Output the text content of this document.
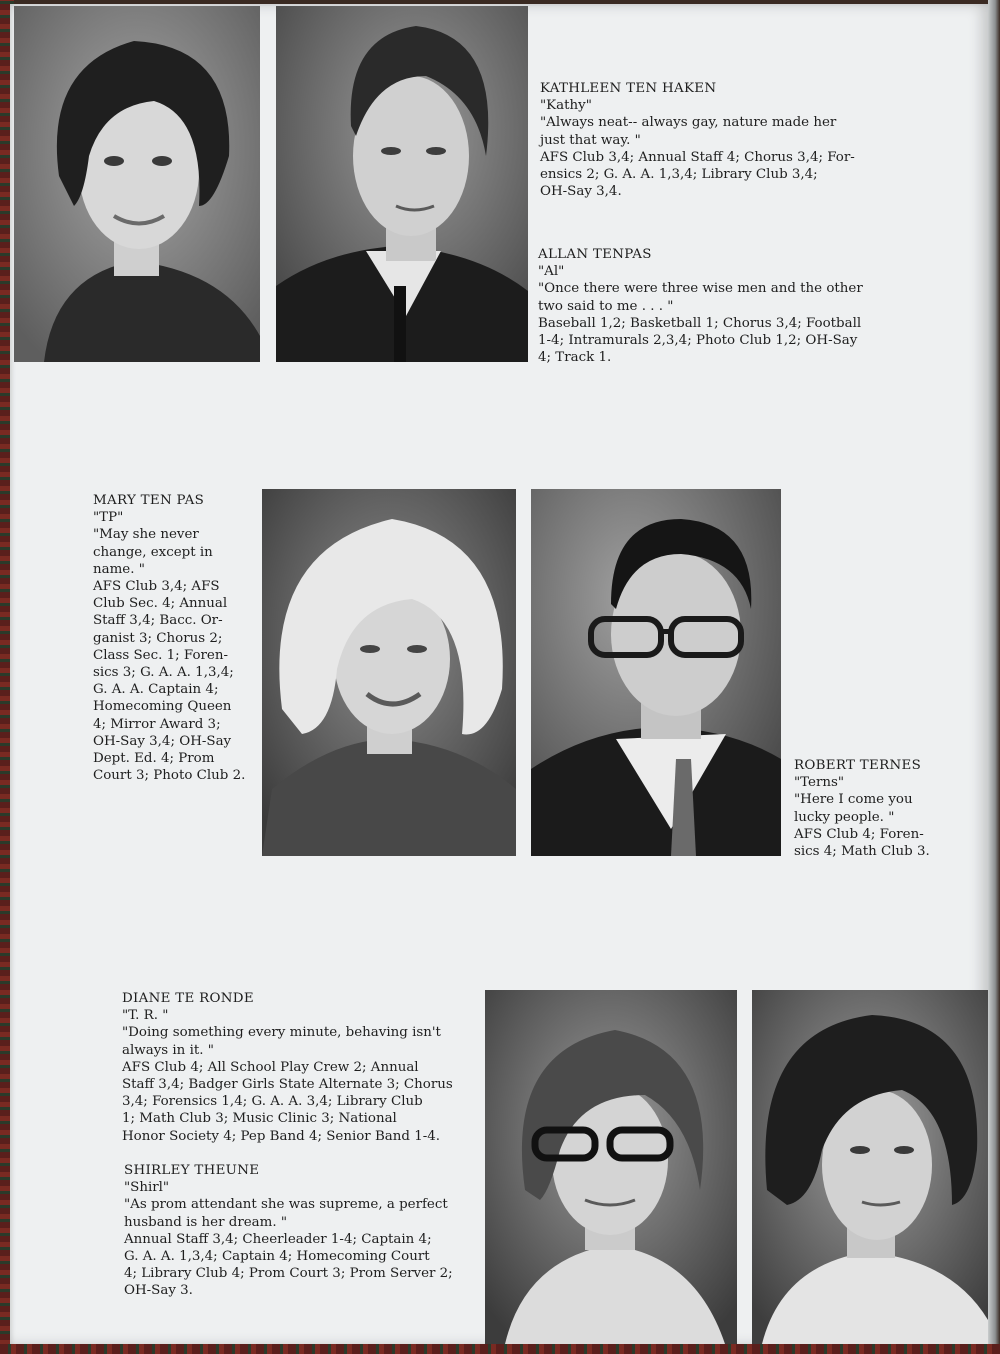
KATHLEEN TEN HAKEN
"Kathy"
"Always neat-- always gay, nature made her
just that way. "
AFS Club 3,4; Annual Staff 4; Chorus 3,4; For-
ensics 2; G. A. A. 1,3,4; Library Club 3,4;
OH-Say 3,4.
ALLAN TENPAS
"Al"
"Once there were three wise men and the other
two said to me . . . "
Baseball 1,2; Basketball 1; Chorus 3,4; Football
1-4; Intramurals 2,3,4; Photo Club 1,2; OH-Say
4; Track 1.
MARY TEN PAS
"TP"
"May she never
change, except in
name. "
AFS Club 3,4; AFS
Club Sec. 4; Annual
Staff 3,4; Bacc. Or-
ganist 3; Chorus 2;
Class Sec. 1; Foren-
sics 3; G. A. A. 1,3,4;
G. A. A. Captain 4;
Homecoming Queen
4; Mirror Award 3;
OH-Say 3,4; OH-Say
Dept. Ed. 4; Prom
Court 3; Photo Club 2.
ROBERT TERNES
"Terns"
"Here I come you
lucky people. "
AFS Club 4; Foren-
sics 4; Math Club 3.
DIANE TE RONDE
"T. R. "
"Doing something every minute, behaving isn't
always in it. "
AFS Club 4; All School Play Crew 2; Annual
Staff 3,4; Badger Girls State Alternate 3; Chorus
3,4; Forensics 1,4; G. A. A. 3,4; Library Club
1; Math Club 3; Music Clinic 3; National
Honor Society 4; Pep Band 4; Senior Band 1-4.
SHIRLEY THEUNE
"Shirl"
"As prom attendant she was supreme, a perfect
husband is her dream. "
Annual Staff 3,4; Cheerleader 1-4; Captain 4;
G. A. A. 1,3,4; Captain 4; Homecoming Court
4; Library Club 4; Prom Court 3; Prom Server 2;
OH-Say 3.
